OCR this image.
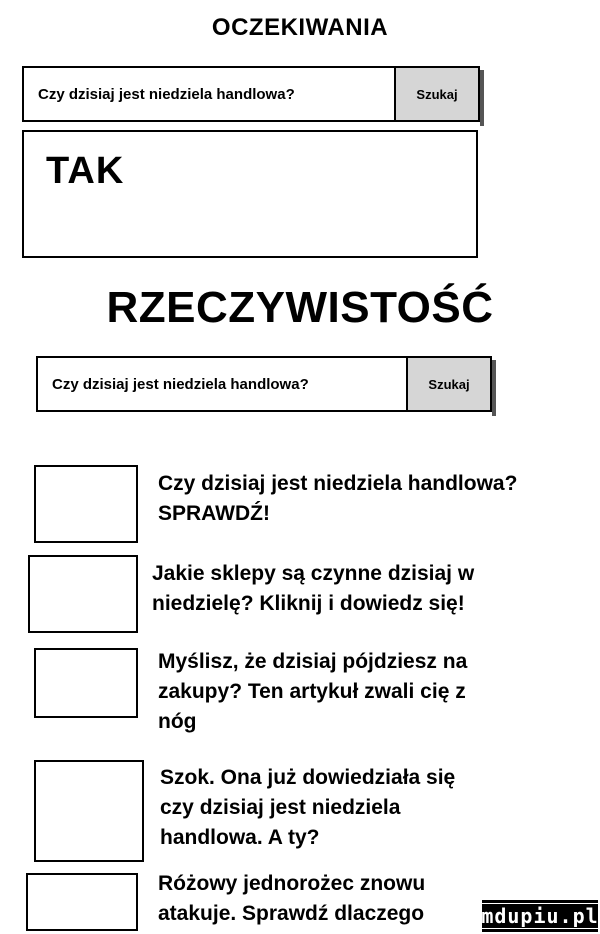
OCZEKIWANIA
Czy dzisiaj jest niedziela handlowa?	Szukaj
TAK
RZECZYWISTOŚĆ
Czy dzisiaj jest niedziela handlowa?	Szukaj
Czy dzisiaj jest niedziela handlowa?
SPRAWDŹ!
Jakie sklepy są czynne dzisiaj w
niedzielę? Kliknij i dowiedz się!
Myślisz, że dzisiaj pójdziesz na
zakupy? Ten artykuł zwali cię z
nóg
Szok. Ona już dowiedziała się
czy dzisiaj jest niedziela
handlowa. A ty?
Różowy jednorożec znowu
atakuje. Sprawdź dlaczego	mdupiu.pl
